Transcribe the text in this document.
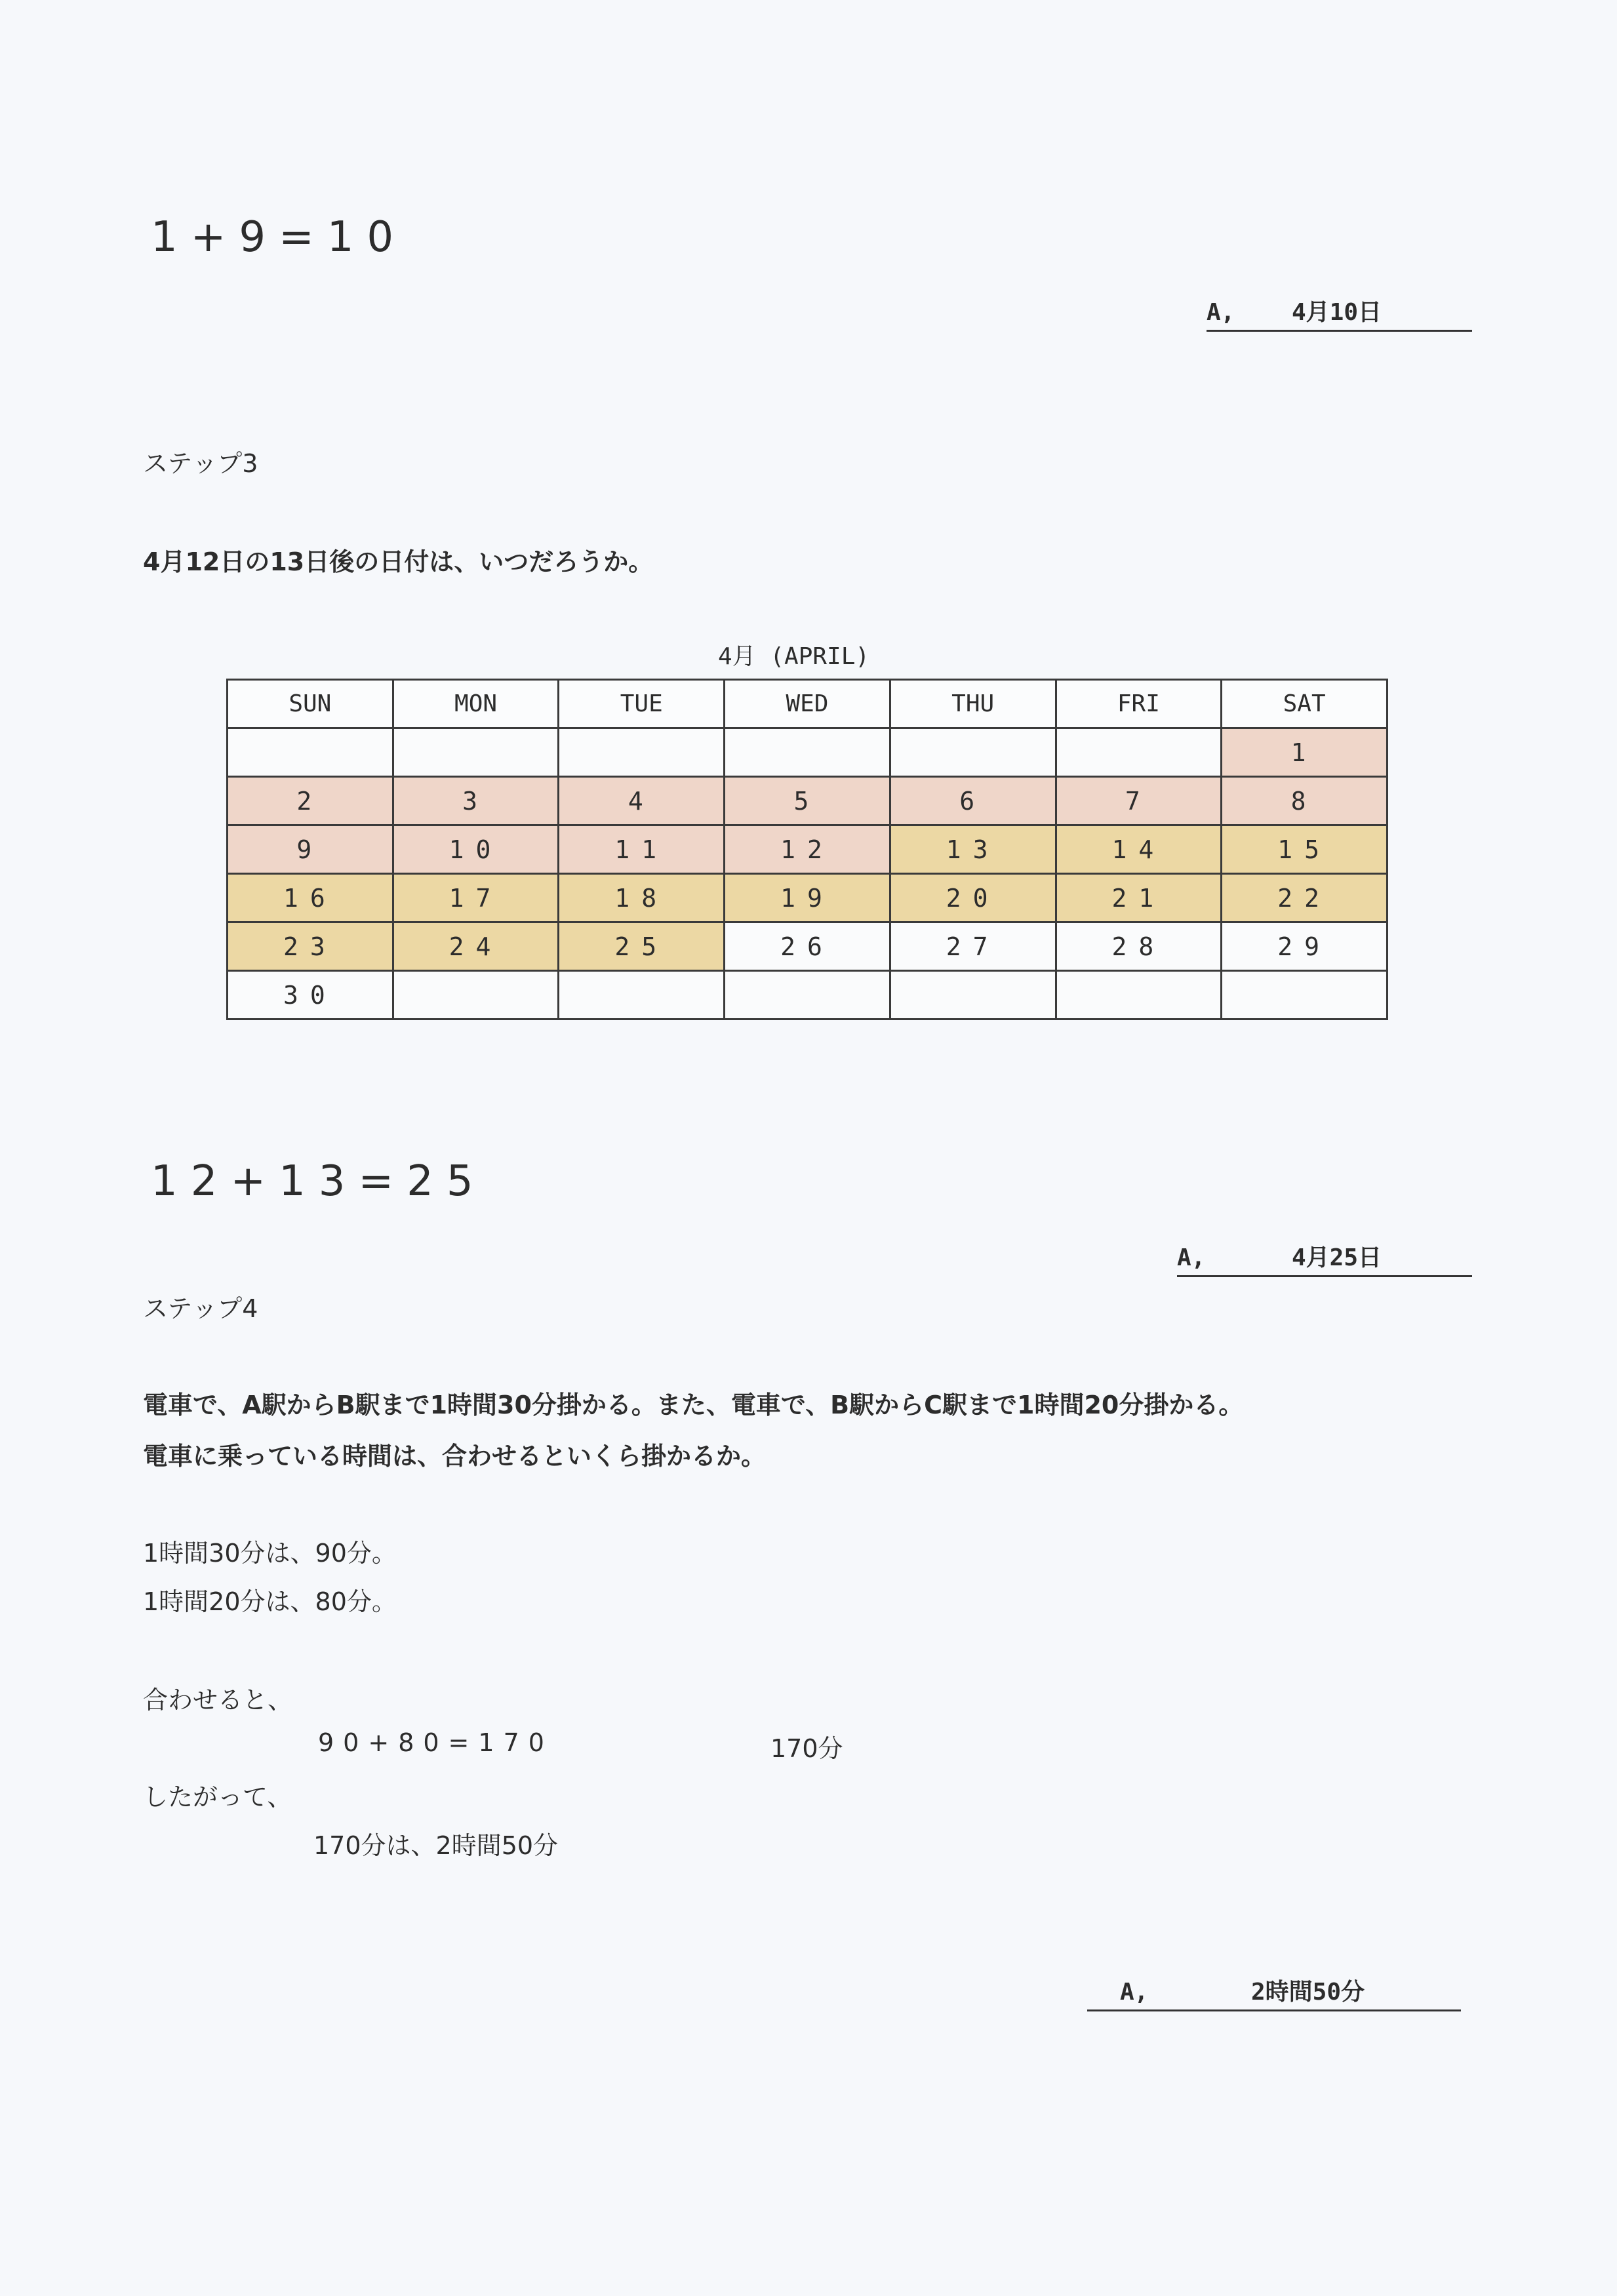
1+9=10
A, 4月10日
ステップ3
4月12日の13日後の日付は、いつだろうか。
4月 (APRIL)
SUN	MON	TUE	WED	THU	FRI	SAT
						1
2	3	4	5	6	7	8
9	10	11	12	13	14	15
16	17	18	19	20	21	22
23	24	25	26	27	28	29
30						
12+13=25
A,	4月25日
ステップ4
電車で、A駅からB駅まで1時間30分掛かる。また、電車で、B駅からC駅まで1時間20分掛かる。
電車に乗っている時間は、合わせるといくら掛かるか。
1時間30分は、90分。
1時間20分は、80分。
合わせると、
90+80=170	170分
したがって、
170分は、2時間50分
A,	2時間50分
